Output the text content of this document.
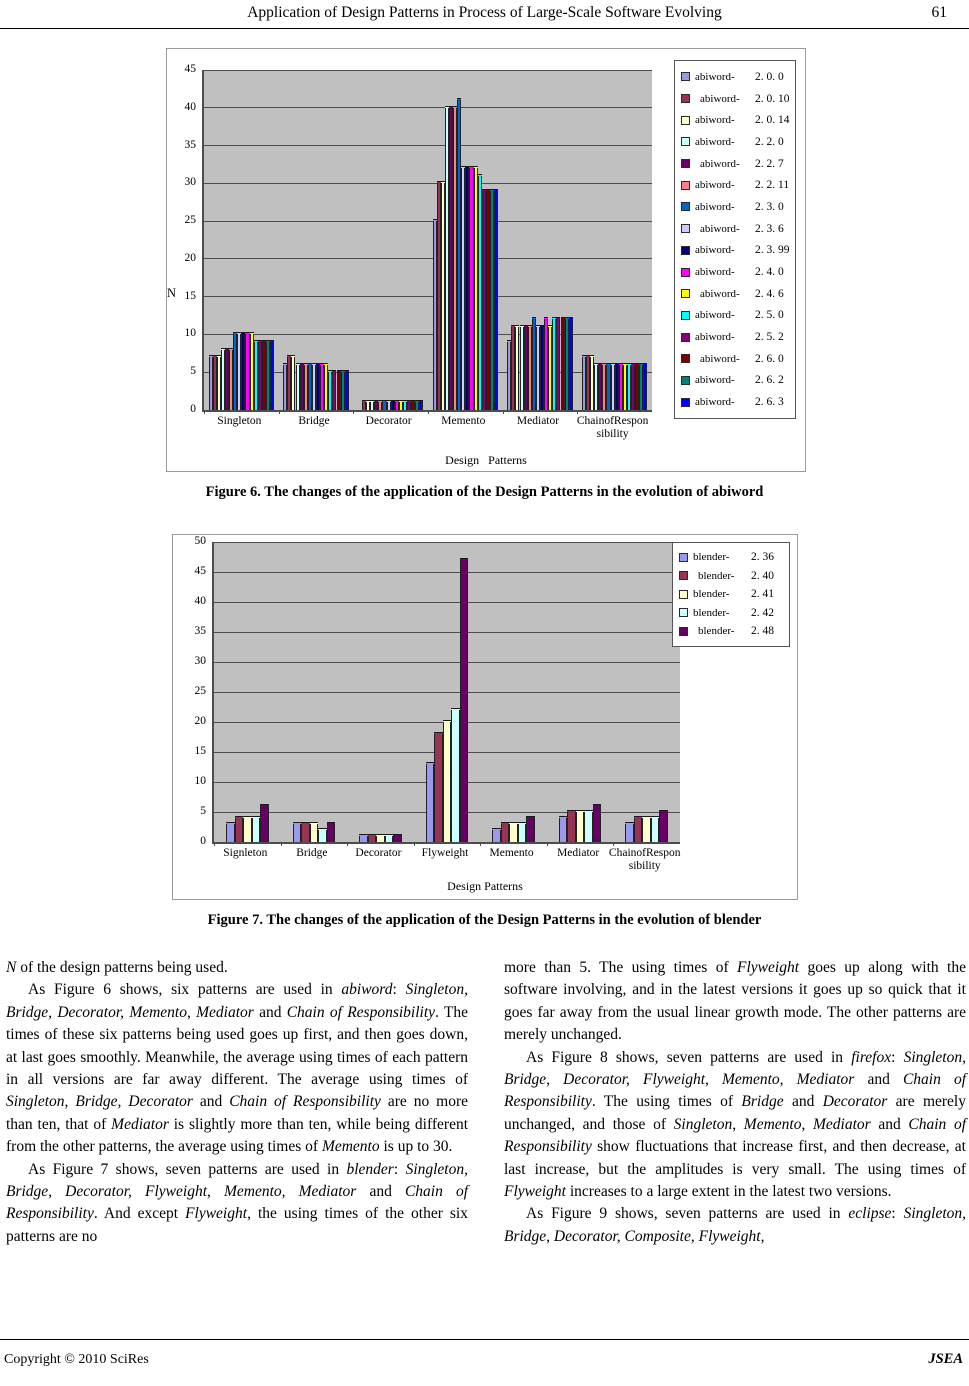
Application of Design Patterns in Process of Large-Scale Software Evolving	61
N
Design   Patterns
abiword- 2. 0. 0
abiword- 2. 0. 10
abiword- 2. 0. 14
abiword- 2. 2. 0
abiword- 2. 2. 7
abiword- 2. 2. 11
abiword- 2. 3. 0
abiword- 2. 3. 6
abiword- 2. 3. 99
abiword- 2. 4. 0
abiword- 2. 4. 6
abiword- 2. 5. 0
abiword- 2. 5. 2
abiword- 2. 6. 0
abiword- 2. 6. 2
abiword- 2. 6. 3
0
5
10
15
20
25
30
35
40
45
Singleton	Bridge	Decorator	Memento	Mediator	ChainofRespon
sibility
Figure 6. The changes of the application of the Design Patterns in the evolution of abiword
Design Patterns
blender- 2. 36
blender- 2. 40
blender- 2. 41
blender- 2. 42
blender- 2. 48
0
5
10
15
20
25
30
35
40
45
50
Signleton	Bridge	Decorator	Flyweight	Memento	Mediator ChainofRespon
sibility
Figure 7. The changes of the application of the Design Patterns in the evolution of blender

N of the design patterns being used.

As Figure 6 shows, six patterns are used in abiword: Singleton, Bridge, Decorator, Memento, Mediator and Chain of Responsibility. The times of these six patterns being used goes up first, and then goes down, at last goes smoothly. Meanwhile, the average using times of each pattern in all versions are far away different. The average using times of Singleton, Bridge, Decorator and Chain of Responsibility are no more than ten, that of Mediator is slightly more than ten, while being different from the other patterns, the average using times of Memento is up to 30.

As Figure 7 shows, seven patterns are used in blender: Singleton, Bridge, Decorator, Flyweight, Memento, Mediator and Chain of Responsibility. And except Flyweight, the using times of the other six patterns are no

more than 5. The using times of Flyweight goes up along with the software involving, and in the latest versions it goes up so quick that it goes far away from the usual linear growth mode. The other patterns are merely unchanged.

As Figure 8 shows, seven patterns are used in firefox: Singleton, Bridge, Decorator, Flyweight, Memento, Mediator and Chain of Responsibility. The using times of Bridge and Decorator are merely unchanged, and those of Singleton, Memento, Mediator and Chain of Responsibility show fluctuations that increase first, and then decrease, at last increase, but the amplitudes is very small. The using times of Flyweight increases to a large extent in the latest two versions.

As Figure 9 shows, seven patterns are used in eclipse: Singleton, Bridge, Decorator, Composite, Flyweight,

Copyright © 2010 SciRes	JSEA
